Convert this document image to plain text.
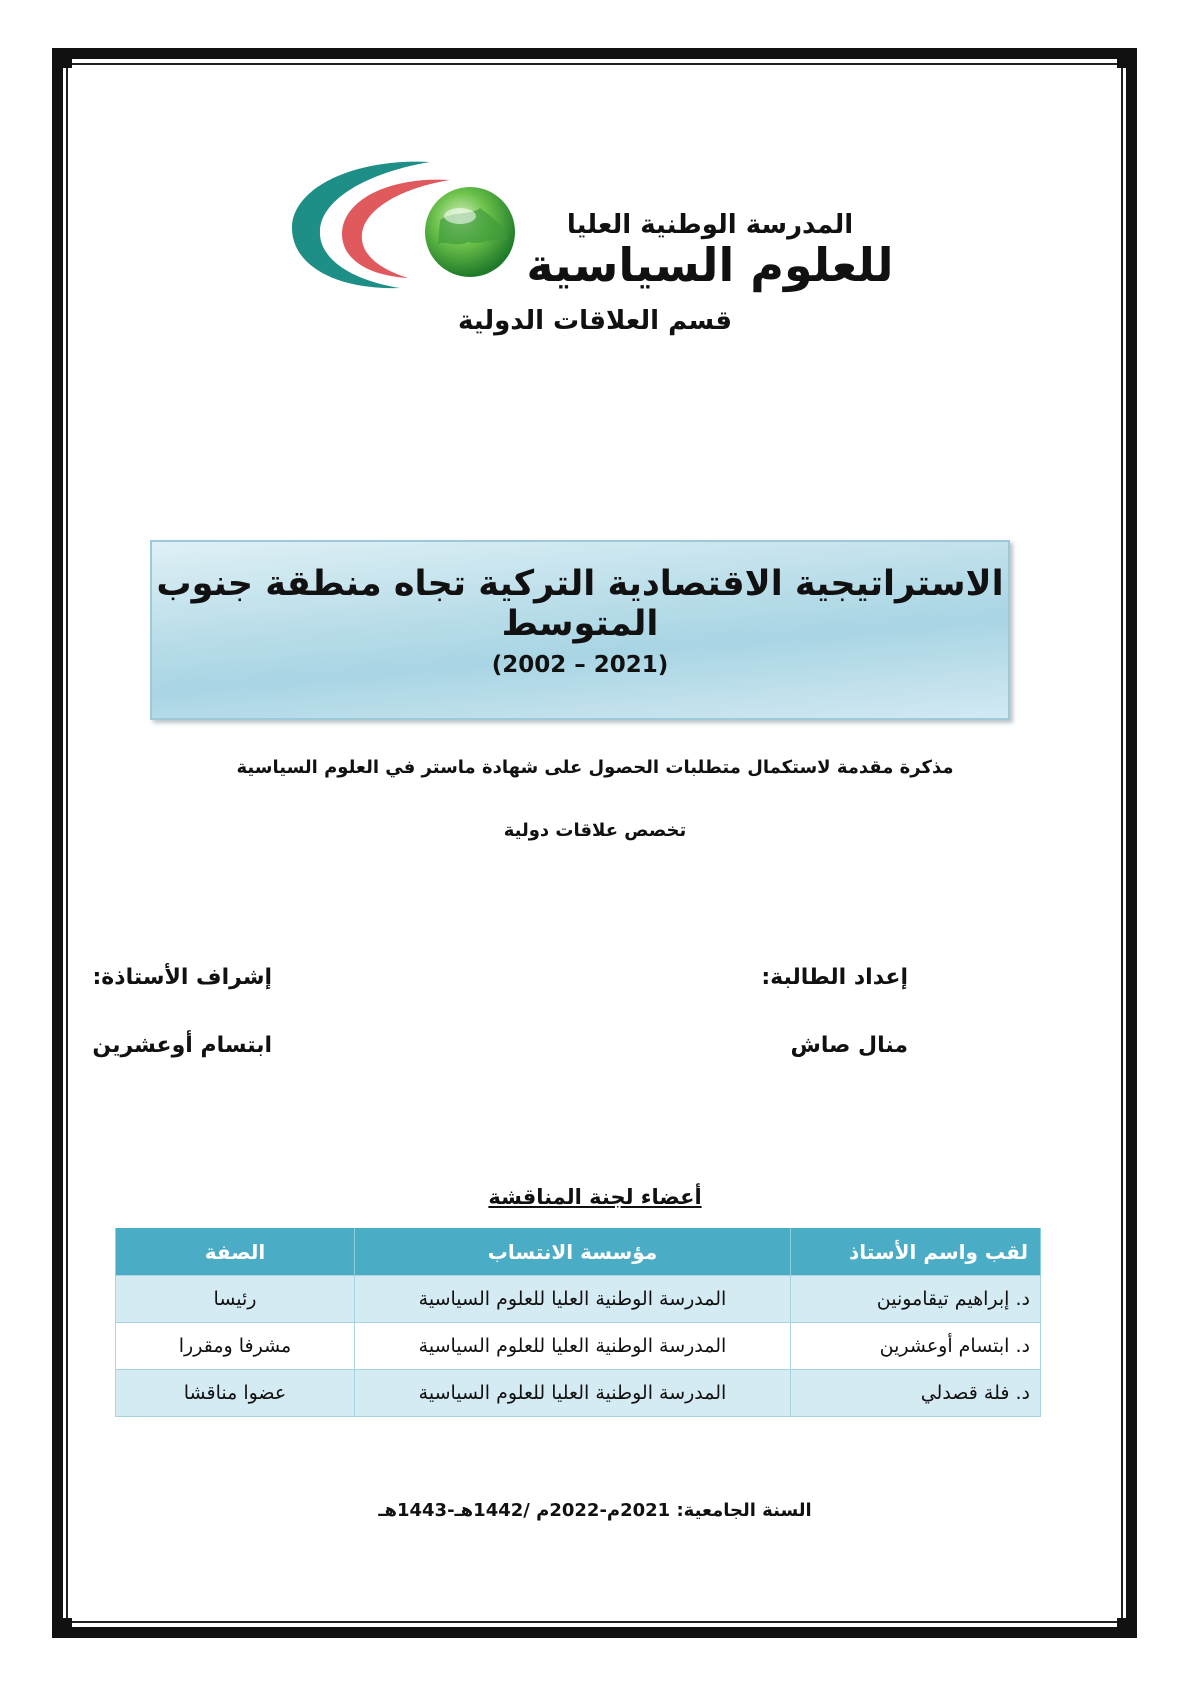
المدرسة الوطنية العليا
للعلوم السياسية
قسم العلاقات الدولية
الاستراتيجية الاقتصادية التركية تجاه منطقة جنوب المتوسط
(2002 – 2021)
مذكرة مقدمة لاستكمال متطلبات الحصول على شهادة ماستر في العلوم السياسية
تخصص علاقات دولية
إعداد الطالبة:
منال صاش
إشراف الأستاذة:
ابتسام أوعشرين
أعضاء لجنة المناقشة
لقب واسم الأستاذ	مؤسسة الانتساب	الصفة
د. إبراهيم تيقامونين	المدرسة الوطنية العليا للعلوم السياسية	رئيسا
د. ابتسام أوعشرين	المدرسة الوطنية العليا للعلوم السياسية	مشرفا ومقررا
د. فلة قصدلي	المدرسة الوطنية العليا للعلوم السياسية	عضوا مناقشا
السنة الجامعية: 2021م-2022م /1442هـ-1443هـ
